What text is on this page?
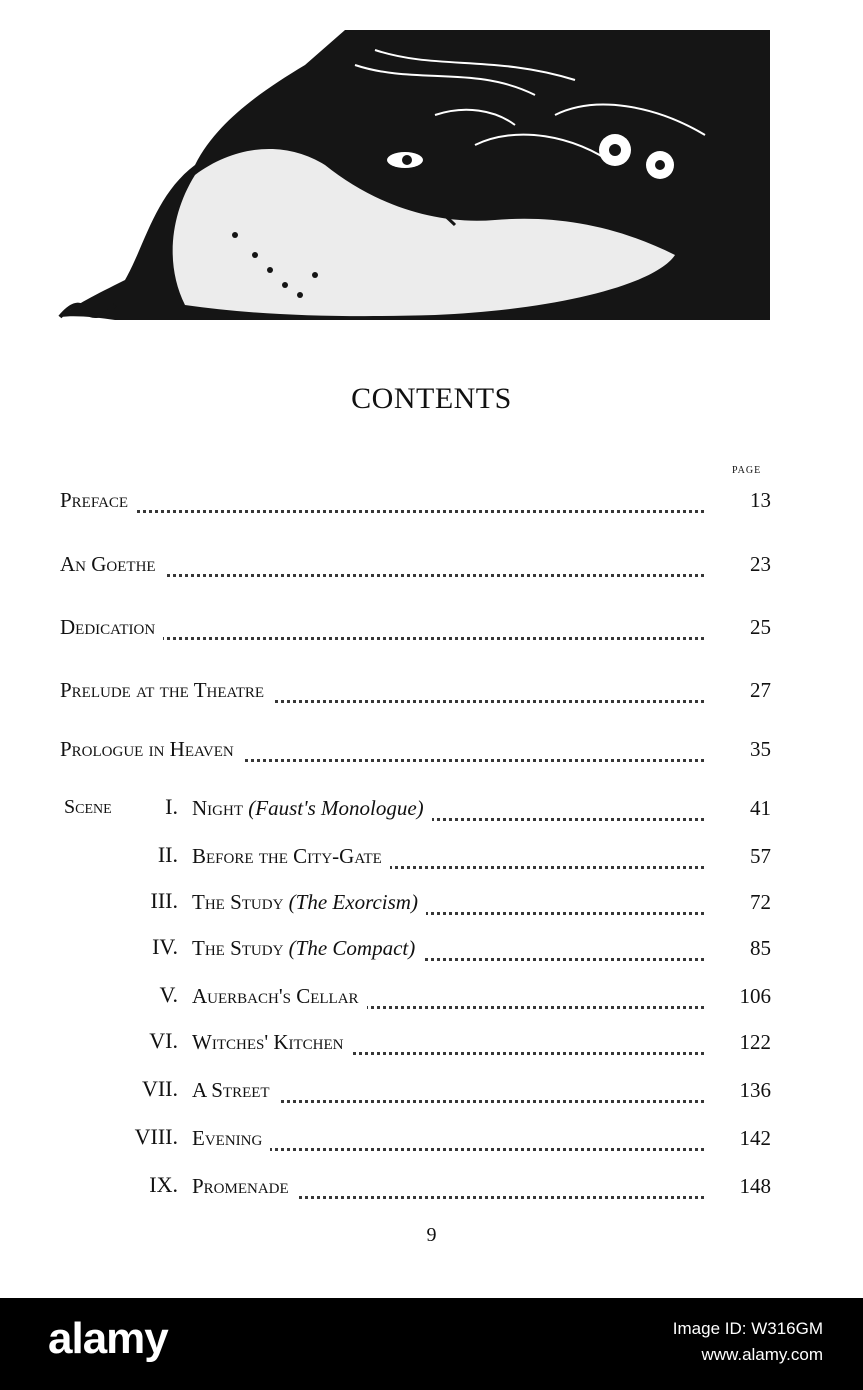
CONTENTS
PAGE
Preface	13
An Goethe	23
Dedication	25
Prelude at the Theatre	27
Prologue in Heaven	35
Scene I. Night (Faust's Monologue)	41
II. Before the City-Gate	57
III. The Study (The Exorcism)	72
IV. The Study (The Compact)	85
V. Auerbach's Cellar	106
VI. Witches' Kitchen	122
VII. A Street	136
VIII. Evening	142
IX. Promenade	148
9
alamy	Image ID: W316GM
www.alamy.com
